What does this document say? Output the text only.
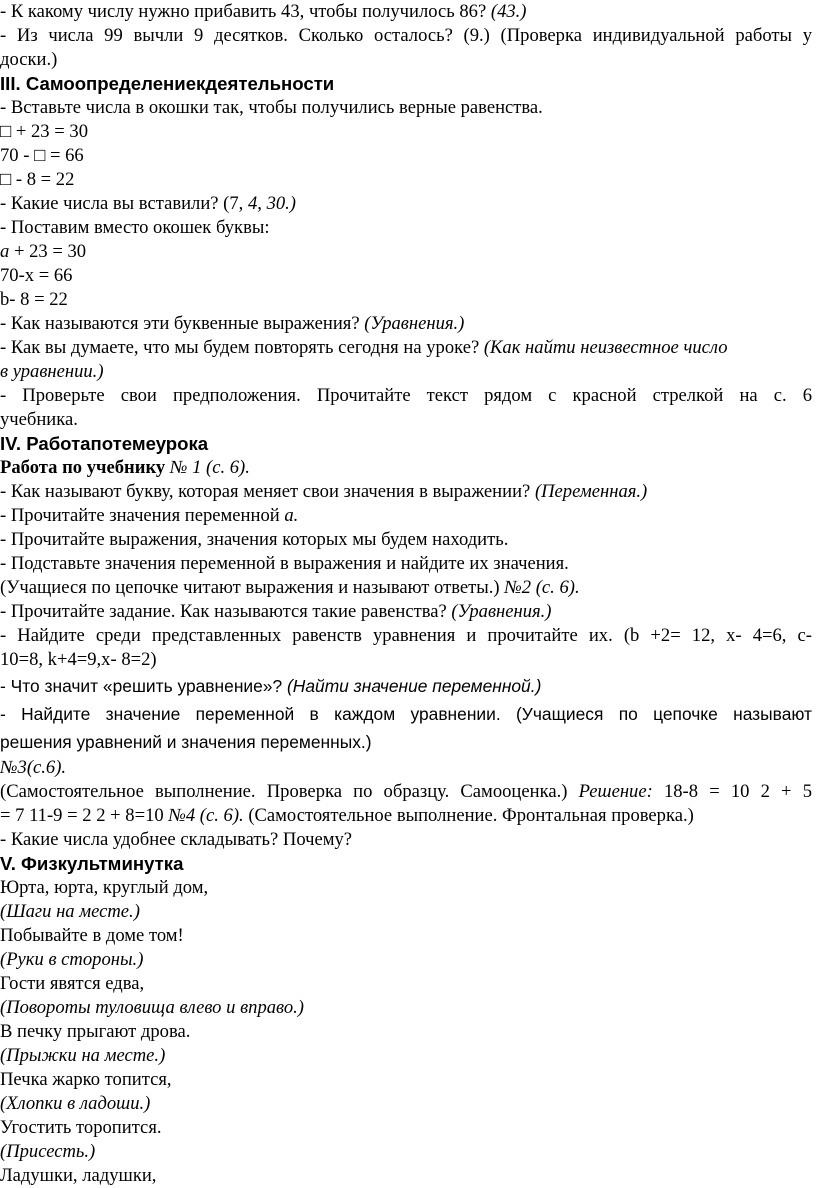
- К какому числу нужно прибавить 43, чтобы получилось 86? (43.)
- Из числа 99 вычли 9 десятков. Сколько осталось? (9.) (Проверка индивидуальной работы у
доски.)
III. Самоопределениекдеятельности
- Вставьте числа в окошки так, чтобы получились верные равенства.
□ + 23 = 30
70 - □ = 66
□ - 8 = 22
- Какие числа вы вставили? (7, 4, 30.)
- Поставим вместо окошек буквы:
a + 23 = 30
70-х = 66
b- 8 = 22
- Как называются эти буквенные выражения? (Уравнения.)
- Как вы думаете, что мы будем повторять сегодня на уроке? (Как найти неизвестное число
в уравнении.)
- Проверьте свои предположения. Прочитайте текст рядом с красной стрелкой на с. 6
учебника.
IV. Работапотемеурока
Работа по учебнику № 1 (с. 6).
- Как называют букву, которая меняет свои значения в выражении? (Переменная.)
- Прочитайте значения переменной а.
- Прочитайте выражения, значения которых мы будем находить.
- Подставьте значения переменной в выражения и найдите их значения.
(Учащиеся по цепочке читают выражения и называют ответы.) №2 (с. 6).
- Прочитайте задание. Как называются такие равенства? (Уравнения.)
- Найдите среди представленных равенств уравнения и прочитайте их. (b +2= 12, х- 4=6, с-
10=8, k+4=9,х- 8=2)
- Что значит «решить уравнение»? (Найти значение переменной.)
- Найдите значение переменной в каждом уравнении. (Учащиеся по цепочке называют
решения уравнений и значения переменных.)
№3(с.6).
(Самостоятельное выполнение. Проверка по образцу. Самооценка.) Решение: 18-8 = 10 2 + 5
= 7 11-9 = 2 2 + 8=10 №4 (с. 6). (Самостоятельное выполнение. Фронтальная проверка.)
- Какие числа удобнее складывать? Почему?
V. Физкультминутка
Юрта, юрта, круглый дом,
(Шаги на месте.)
Побывайте в доме том!
(Руки в стороны.)
Гости явятся едва,
(Повороты туловища влево и вправо.)
В печку прыгают дрова.
(Прыжки на месте.)
Печка жарко топится,
(Хлопки в ладоши.)
Угостить торопится.
(Присесть.)
Ладушки, ладушки,
